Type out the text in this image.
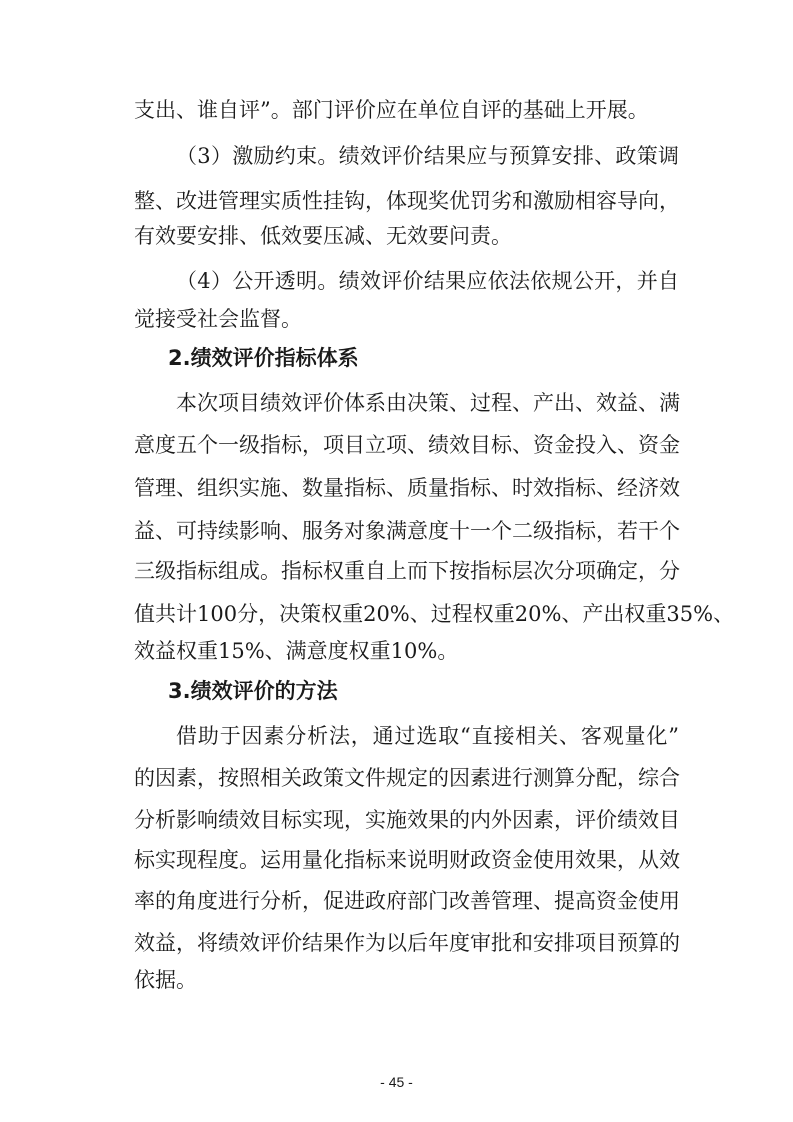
支出、谁自评”。部门评价应在单位自评的基础上开展。
（3）激励约束。绩效评价结果应与预算安排、政策调
整、改进管理实质性挂钩，体现奖优罚劣和激励相容导向，
有效要安排、低效要压减、无效要问责。
（4）公开透明。绩效评价结果应依法依规公开，并自
觉接受社会监督。
2.绩效评价指标体系
本次项目绩效评价体系由决策、过程、产出、效益、满
意度五个一级指标，项目立项、绩效目标、资金投入、资金
管理、组织实施、数量指标、质量指标、时效指标、经济效
益、可持续影响、服务对象满意度十一个二级指标，若干个
三级指标组成。指标权重自上而下按指标层次分项确定，分
值共计100分，决策权重20%、过程权重20%、产出权重35%、
效益权重15%、满意度权重10%。
3.绩效评价的方法
借助于因素分析法，通过选取“直接相关、客观量化”
的因素，按照相关政策文件规定的因素进行测算分配，综合
分析影响绩效目标实现，实施效果的内外因素，评价绩效目
标实现程度。运用量化指标来说明财政资金使用效果，从效
率的角度进行分析，促进政府部门改善管理、提高资金使用
效益，将绩效评价结果作为以后年度审批和安排项目预算的
依据。
- 45 -
